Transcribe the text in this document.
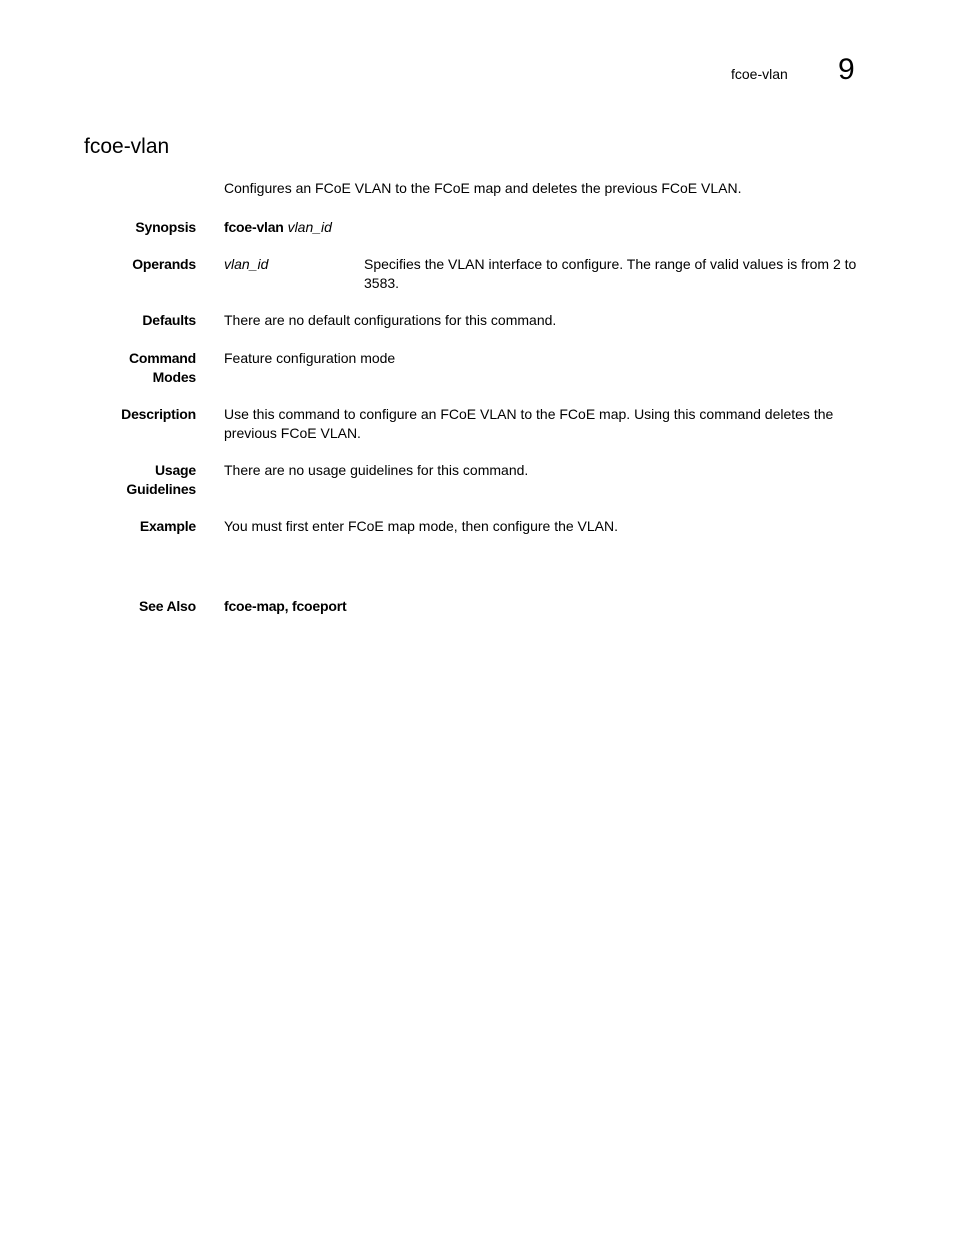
fcoe-vlan 9
fcoe-vlan
Configures an FCoE VLAN to the FCoE map and deletes the previous FCoE VLAN.
Synopsis fcoe-vlan vlan_id
Operands vlan_id	Specifies the VLAN interface to configure. The range of valid values is from 2 to 3583.
Defaults There are no default configurations for this command.
Command
Modes
Feature configuration mode
Description Use this command to configure an FCoE VLAN to the FCoE map. Using this command deletes the previous FCoE VLAN.
Usage
Guidelines
There are no usage guidelines for this command.
Example You must first enter FCoE map mode, then configure the VLAN.
See Also fcoe-map, fcoeport
